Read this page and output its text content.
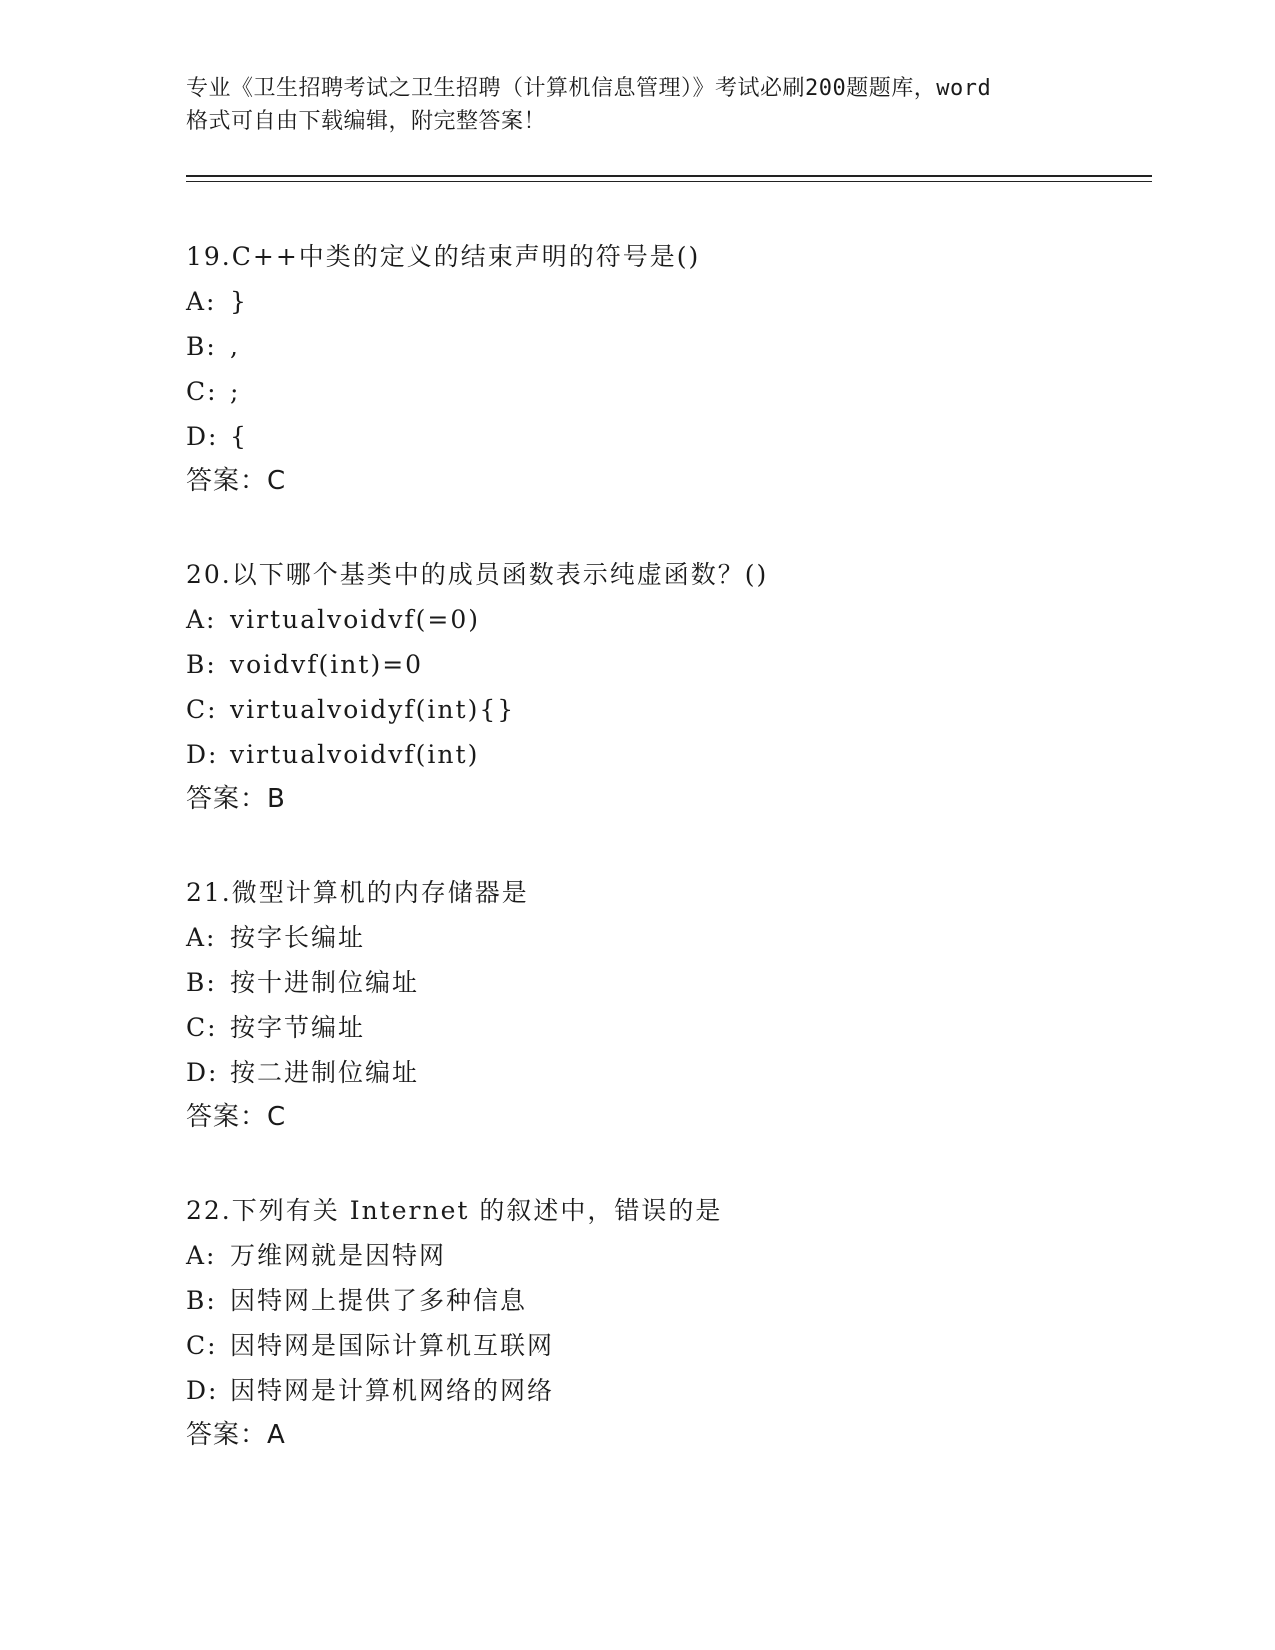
专业《卫生招聘考试之卫生招聘（计算机信息管理）》考试必刷200题题库，word
格式可自由下载编辑，附完整答案！
19.C++中类的定义的结束声明的符号是()
A: }
B: ,
C: ;
D: {
答案：C
20.以下哪个基类中的成员函数表示纯虚函数？()
A: virtualvoidvf(=0)
B: voidvf(int)=0
C: virtualvoidyf(int){}
D: virtualvoidvf(int)
答案：B
21.微型计算机的内存储器是
A: 按字长编址
B: 按十进制位编址
C: 按字节编址
D: 按二进制位编址
答案：C
22.下列有关 Internet 的叙述中，错误的是
A: 万维网就是因特网
B: 因特网上提供了多种信息
C: 因特网是国际计算机互联网
D: 因特网是计算机网络的网络
答案：A
